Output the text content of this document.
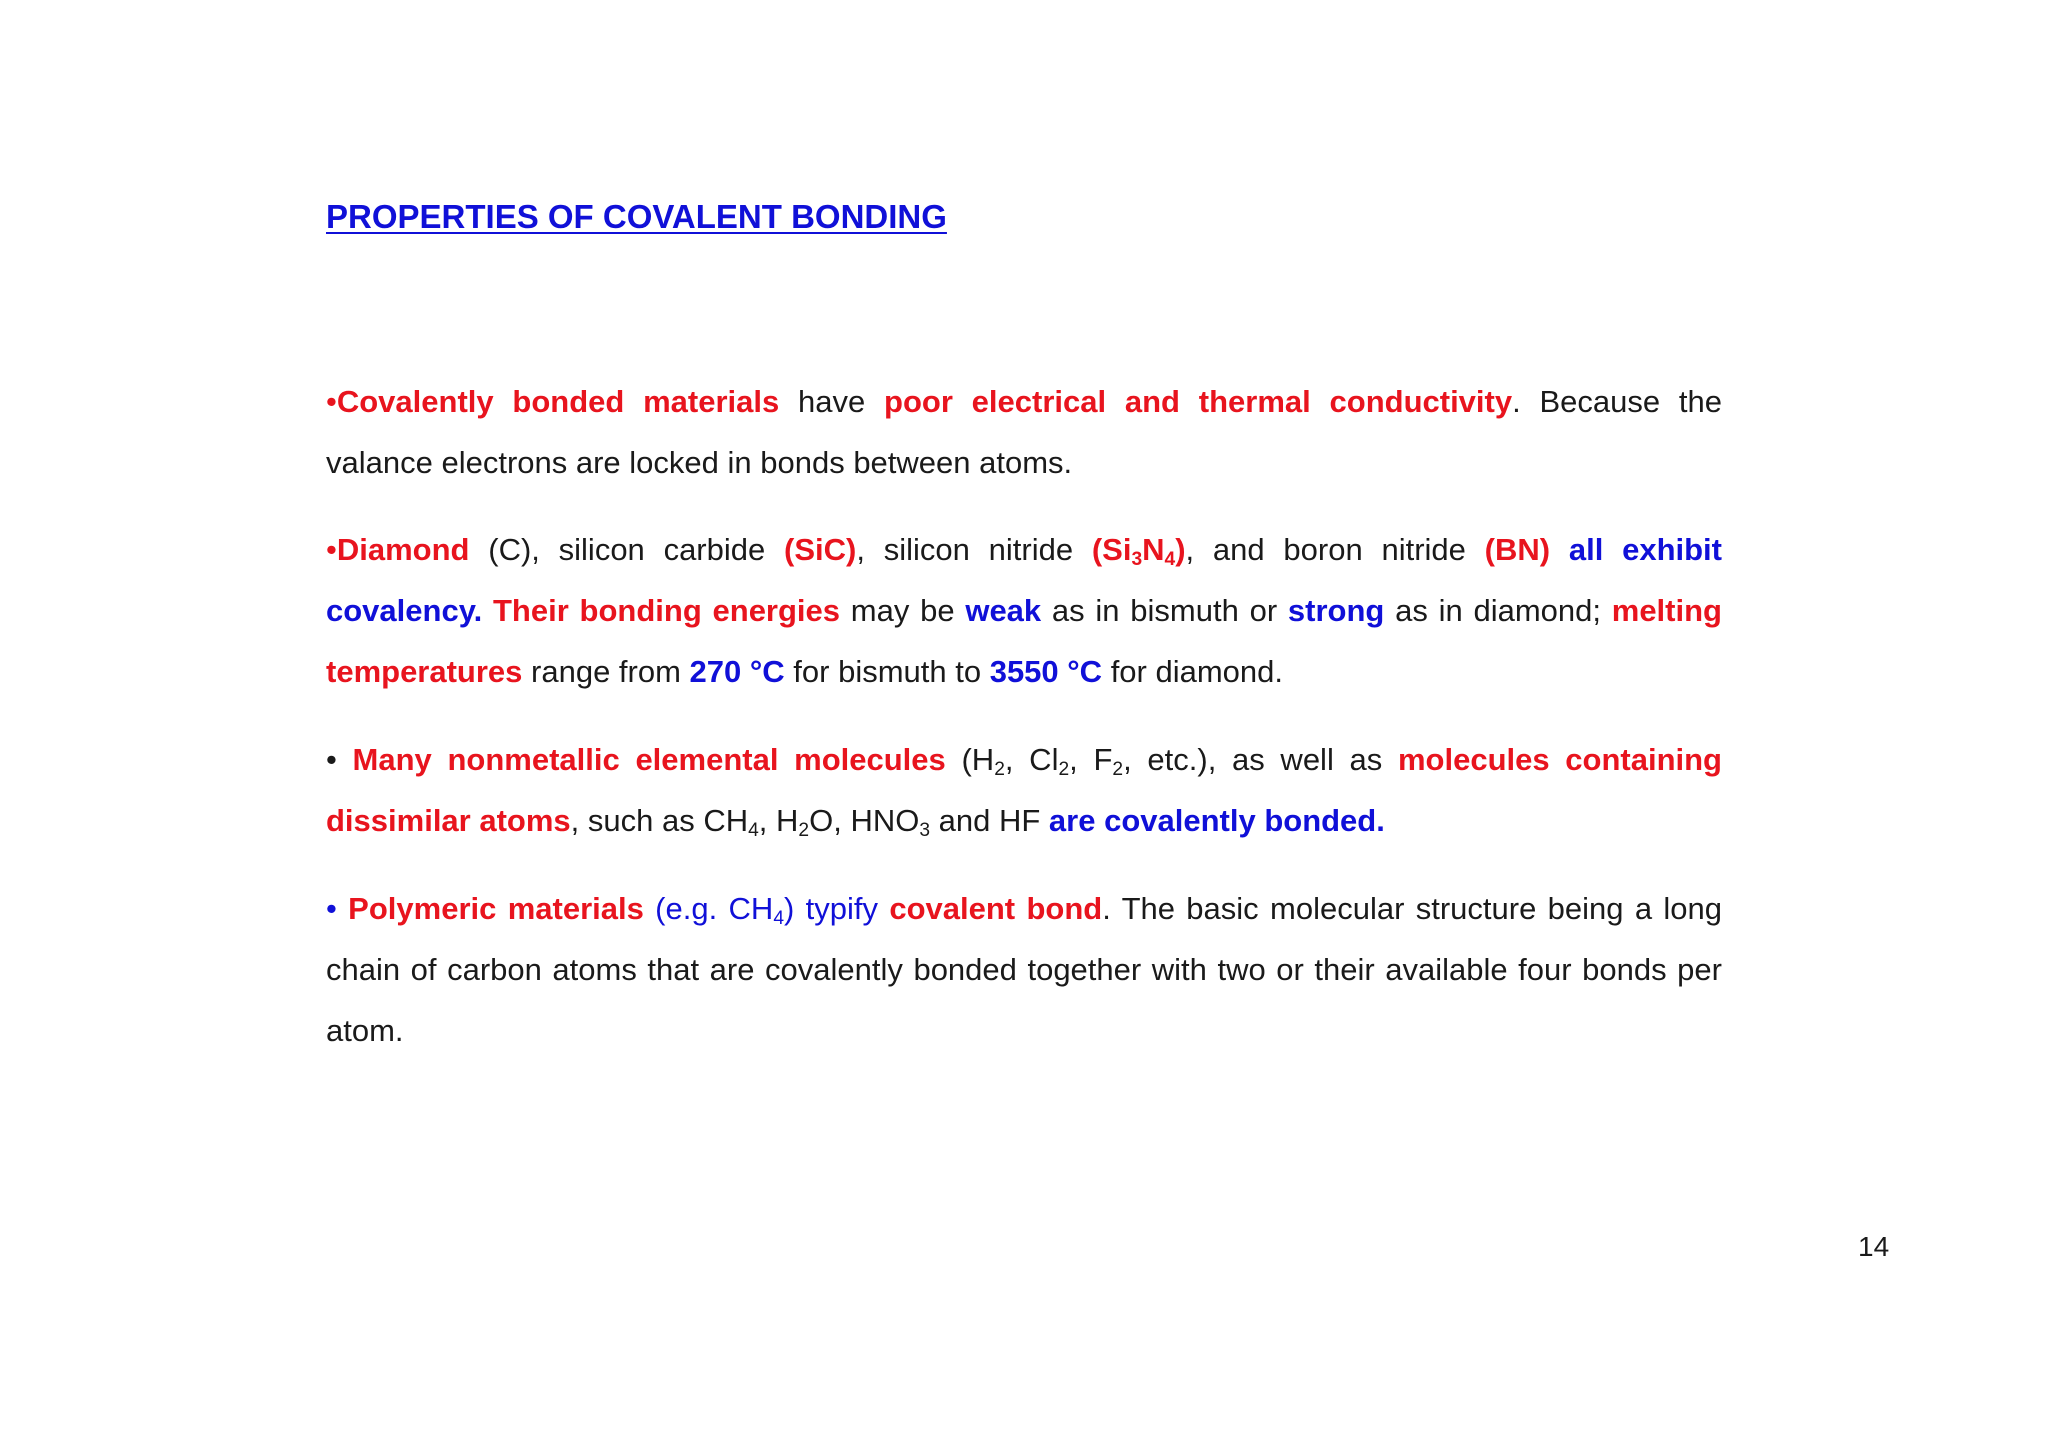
PROPERTIES OF COVALENT BONDING

•Covalently bonded materials have poor electrical and thermal conductivity. Because the valance electrons are locked in bonds between atoms.

•Diamond (C), silicon carbide (SiC), silicon nitride $(Si_3N_4)$, and boron nitride (BN) all exhibit covalency. Their bonding energies may be weak as in bismuth or strong as in diamond; melting temperatures range from 270 °C for bismuth to 3550 °C for diamond.

• Many nonmetallic elemental molecules ($H_2$, $Cl_2$, $F_2$, etc.), as well as molecules containing dissimilar atoms, such as $CH_4$, $H_2O$, $HNO_3$ and HF are covalently bonded.

• Polymeric materials (e.g. $CH_4$) typify covalent bond. The basic molecular structure being a long chain of carbon atoms that are covalently bonded together with two or their available four bonds per atom.

14
